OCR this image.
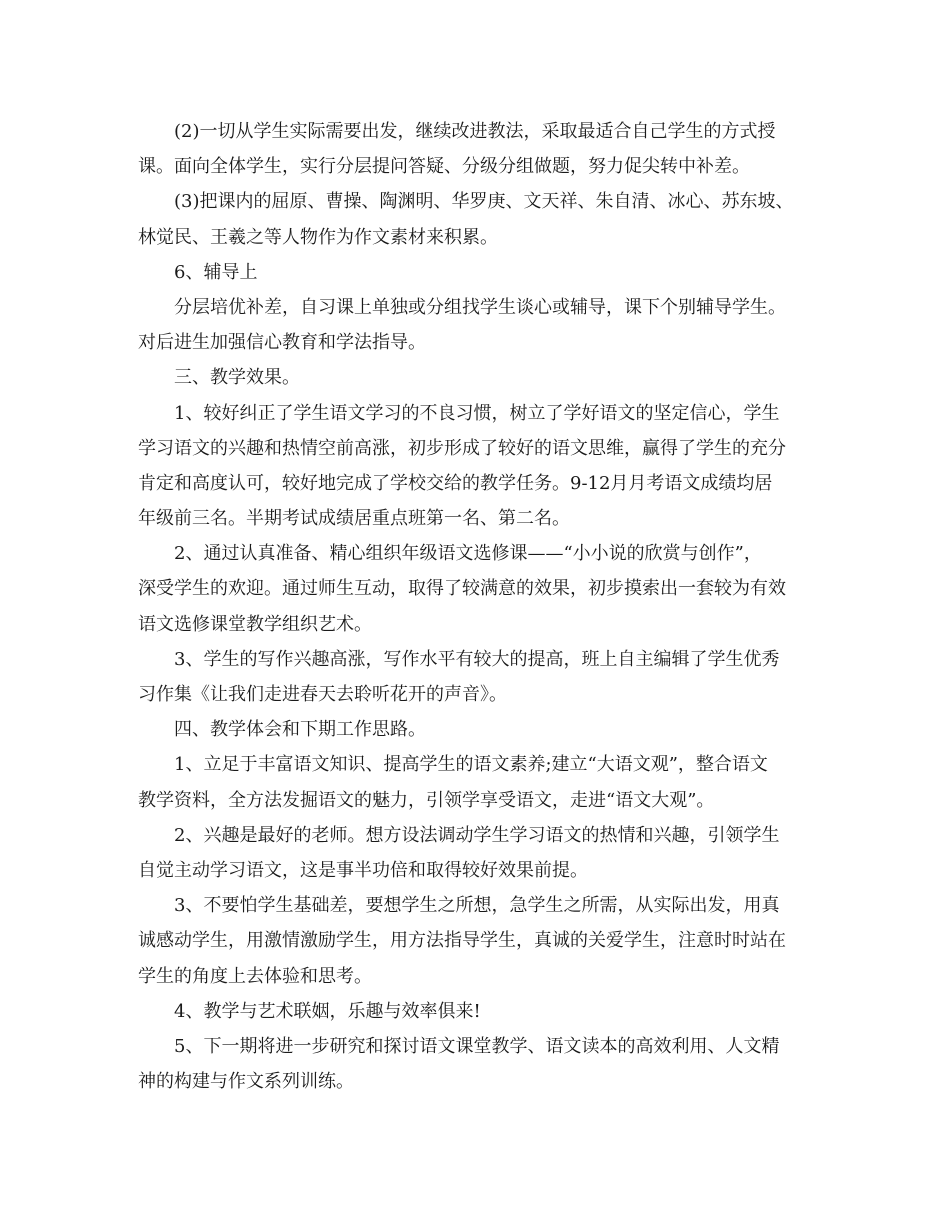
(2)一切从学生实际需要出发，继续改进教法，采取最适合自己学生的方式授
课。面向全体学生，实行分层提问答疑、分级分组做题，努力促尖转中补差。
(3)把课内的屈原、曹操、陶渊明、华罗庚、文天祥、朱自清、冰心、苏东坡、
林觉民、王羲之等人物作为作文素材来积累。
6、辅导上
分层培优补差，自习课上单独或分组找学生谈心或辅导，课下个别辅导学生。
对后进生加强信心教育和学法指导。
三、教学效果。
1、较好纠正了学生语文学习的不良习惯，树立了学好语文的坚定信心，学生
学习语文的兴趣和热情空前高涨，初步形成了较好的语文思维，赢得了学生的充分
肯定和高度认可，较好地完成了学校交给的教学任务。9-12月月考语文成绩均居
年级前三名。半期考试成绩居重点班第一名、第二名。
2、通过认真准备、精心组织年级语文选修课——“小小说的欣赏与创作”，
深受学生的欢迎。通过师生互动，取得了较满意的效果，初步摸索出一套较为有效
语文选修课堂教学组织艺术。
3、学生的写作兴趣高涨，写作水平有较大的提高，班上自主编辑了学生优秀
习作集《让我们走进春天去聆听花开的声音》。
四、教学体会和下期工作思路。
1、立足于丰富语文知识、提高学生的语文素养;建立“大语文观”，整合语文
教学资料，全方法发掘语文的魅力，引领学享受语文，走进“语文大观”。
2、兴趣是最好的老师。想方设法调动学生学习语文的热情和兴趣，引领学生
自觉主动学习语文，这是事半功倍和取得较好效果前提。
3、不要怕学生基础差，要想学生之所想，急学生之所需，从实际出发，用真
诚感动学生，用激情激励学生，用方法指导学生，真诚的关爱学生，注意时时站在
学生的角度上去体验和思考。
4、教学与艺术联姻，乐趣与效率俱来!
5、下一期将进一步研究和探讨语文课堂教学、语文读本的高效利用、人文精
神的构建与作文系列训练。
